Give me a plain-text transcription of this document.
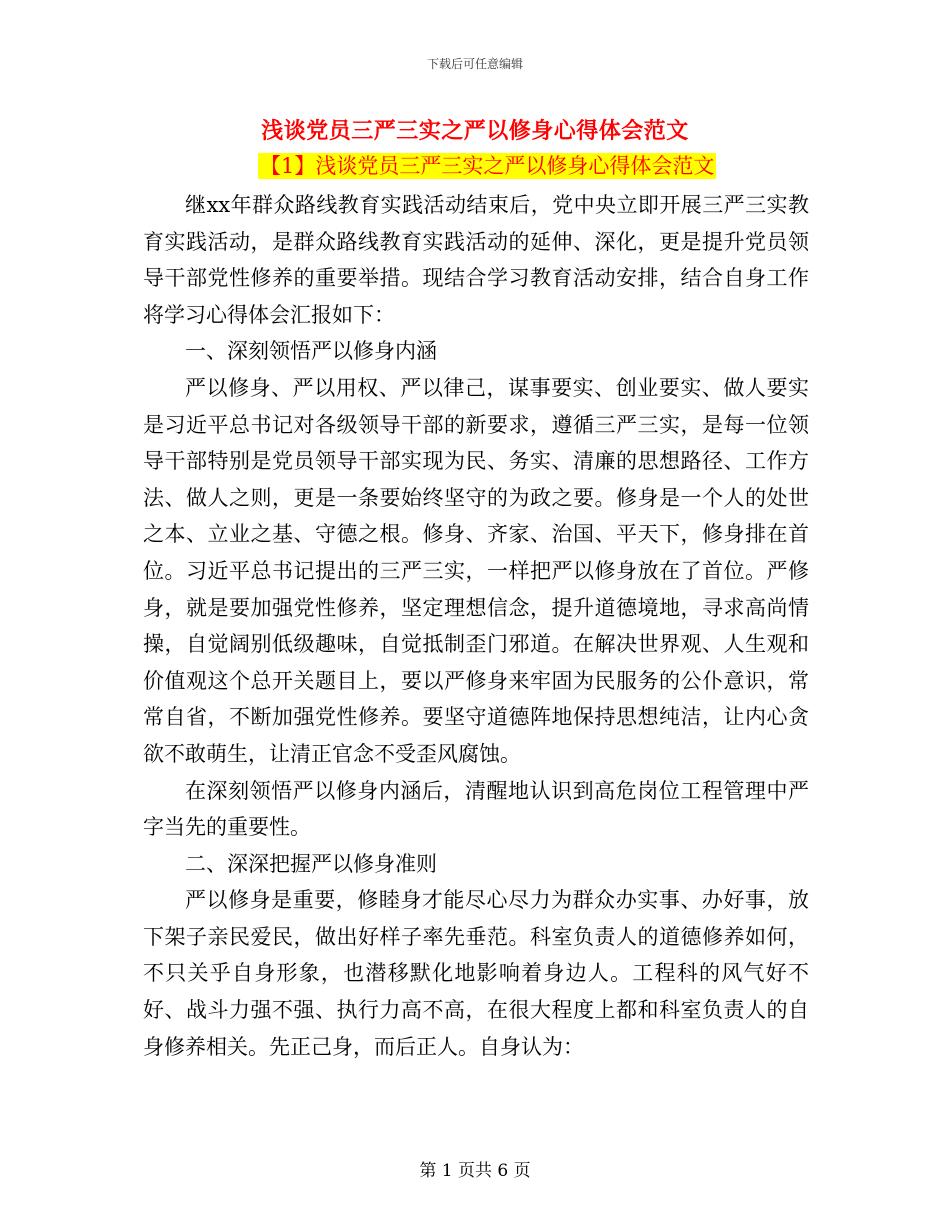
下载后可任意编辑
浅谈党员三严三实之严以修身心得体会范文
【1】浅谈党员三严三实之严以修身心得体会范文

继xx年群众路线教育实践活动结束后，党中央立即开展三严三实教育实践活动，是群众路线教育实践活动的延伸、深化，更是提升党员领导干部党性修养的重要举措。现结合学习教育活动安排，结合自身工作将学习心得体会汇报如下：

一、深刻领悟严以修身内涵

严以修身、严以用权、严以律己，谋事要实、创业要实、做人要实是习近平总书记对各级领导干部的新要求，遵循三严三实，是每一位领导干部特别是党员领导干部实现为民、务实、清廉的思想路径、工作方法、做人之则，更是一条要始终坚守的为政之要。修身是一个人的处世之本、立业之基、守德之根。修身、齐家、治国、平天下，修身排在首位。习近平总书记提出的三严三实，一样把严以修身放在了首位。严修身，就是要加强党性修养，坚定理想信念，提升道德境地，寻求高尚情操，自觉阔别低级趣味，自觉抵制歪门邪道。在解决世界观、人生观和价值观这个总开关题目上，要以严修身来牢固为民服务的公仆意识，常常自省，不断加强党性修养。要坚守道德阵地保持思想纯洁，让内心贪欲不敢萌生，让清正官念不受歪风腐蚀。

在深刻领悟严以修身内涵后，清醒地认识到高危岗位工程管理中严字当先的重要性。

二、深深把握严以修身准则

严以修身是重要，修睦身才能尽心尽力为群众办实事、办好事，放下架子亲民爱民，做出好样子率先垂范。科室负责人的道德修养如何，不只关乎自身形象，也潜移默化地影响着身边人。工程科的风气好不好、战斗力强不强、执行力高不高，在很大程度上都和科室负责人的自身修养相关。先正己身，而后正人。自身认为：

第 1 页共 6 页
